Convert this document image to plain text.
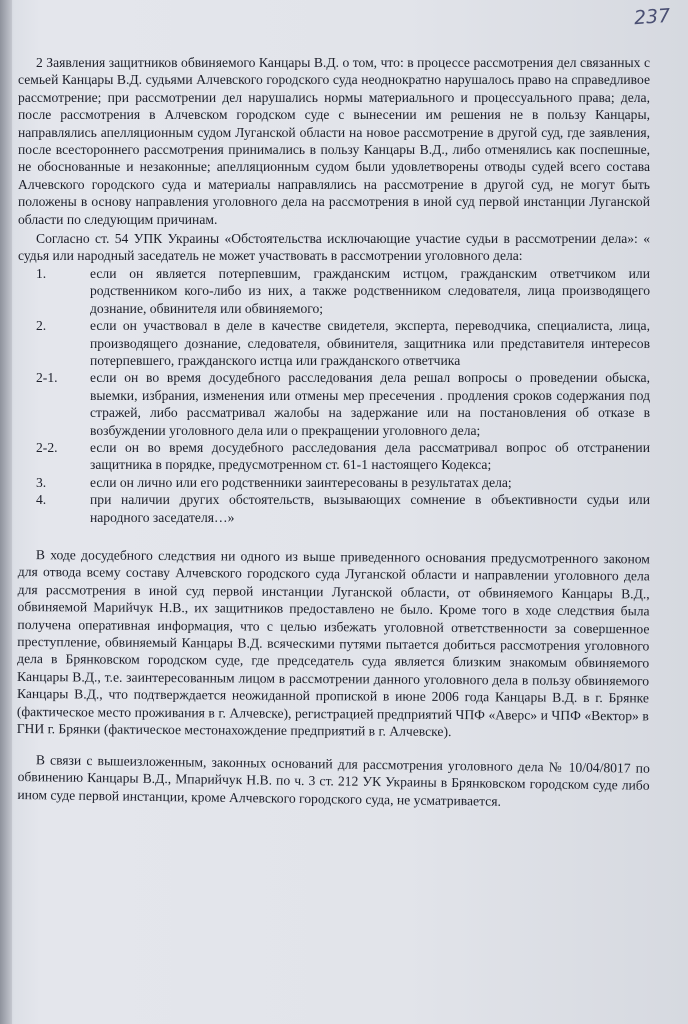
237

2 Заявления защитников обвиняемого Канцары В.Д. о том, что: в процессе рассмотрения дел связанных с семьей Канцары В.Д. судьями Алчевского городского суда неоднократно нарушалось право на справедливое рассмотрение; при рассмотрении дел нарушались нормы материального и процессуального права; дела, после рассмотрения в Алчевском городском суде с вынесении им решения не в пользу Канцары, направлялись апелляционным судом Луганской области на новое рассмотрение в другой суд, где заявления, после всестороннего рассмотрения принимались в пользу Канцары В.Д., либо отменялись как поспешные, не обоснованные и незаконные; апелляционным судом были удовлетворены отводы судей всего состава Алчевского городского суда и материалы направлялись на рассмотрение в другой суд, не могут быть положены в основу направления уголовного дела на рассмотрения в иной суд первой инстанции Луганской области по следующим причинам.

Согласно ст. 54 УПК Украины «Обстоятельства исключающие участие судьи в рассмотрении дела»: « судья или народный заседатель не может участвовать в рассмотрении уголовного дела:

1.	если он является потерпевшим, гражданским истцом, гражданским ответчиком или родственником кого-либо из них, а также родственником следователя, лица производящего дознание, обвинителя или обвиняемого;
2.	если он участвовал в деле в качестве свидетеля, эксперта, переводчика, специалиста, лица, производящего дознание, следователя, обвинителя, защитника или представителя интересов потерпевшего, гражданского истца или гражданского ответчика
2-1. если он во время досудебного расследования дела решал вопросы о проведении обыска, выемки, избрания, изменения или отмены мер пресечения . продления сроков содержания под стражей, либо рассматривал жалобы на задержание или на постановления об отказе в возбуждении уголовного дела или о прекращении уголовного дела;
2-2. если он во время досудебного расследования дела рассматривал вопрос об отстранении защитника в порядке, предусмотренном ст. 61-1 настоящего Кодекса;
3.	если он лично или его родственники заинтересованы в результатах дела;
4.	при наличии других обстоятельств, вызывающих сомнение в объективности судьи или народного заседателя…»

В ходе досудебного следствия ни одного из выше приведенного основания предусмотренного законом для отвода всему составу Алчевского городского суда Луганской области и направлении уголовного дела для рассмотрения в иной суд первой инстанции Луганской области, от обвиняемого Канцары В.Д., обвиняемой Марийчук Н.В., их защитников предоставлено не было. Кроме того в ходе следствия была получена оперативная информация, что с целью избежать уголовной ответственности за совершенное преступление, обвиняемый Канцары В.Д. всяческими путями пытается добиться рассмотрения уголовного дела в Брянковском городском суде, где председатель суда является близким знакомым обвиняемого Канцары В.Д., т.е. заинтересованным лицом в рассмотрении данного уголовного дела в пользу обвиняемого Канцары В.Д., что подтверждается неожиданной пропиской в июне 2006 года Канцары В.Д. в г. Брянке (фактическое место проживания в г. Алчевске), регистрацией предприятий ЧПФ «Аверс» и ЧПФ «Вектор» в ГНИ г. Брянки (фактическое местонахождение предприятий в г. Алчевске).

В связи с вышеизложенным, законных оснований для рассмотрения уголовного дела № 10/04/8017 по обвинению Канцары В.Д., Мпарийчук Н.В. по ч. 3 ст. 212 УК Украины в Брянковском городском суде либо ином суде первой инстанции, кроме Алчевского городского суда, не усматривается.
